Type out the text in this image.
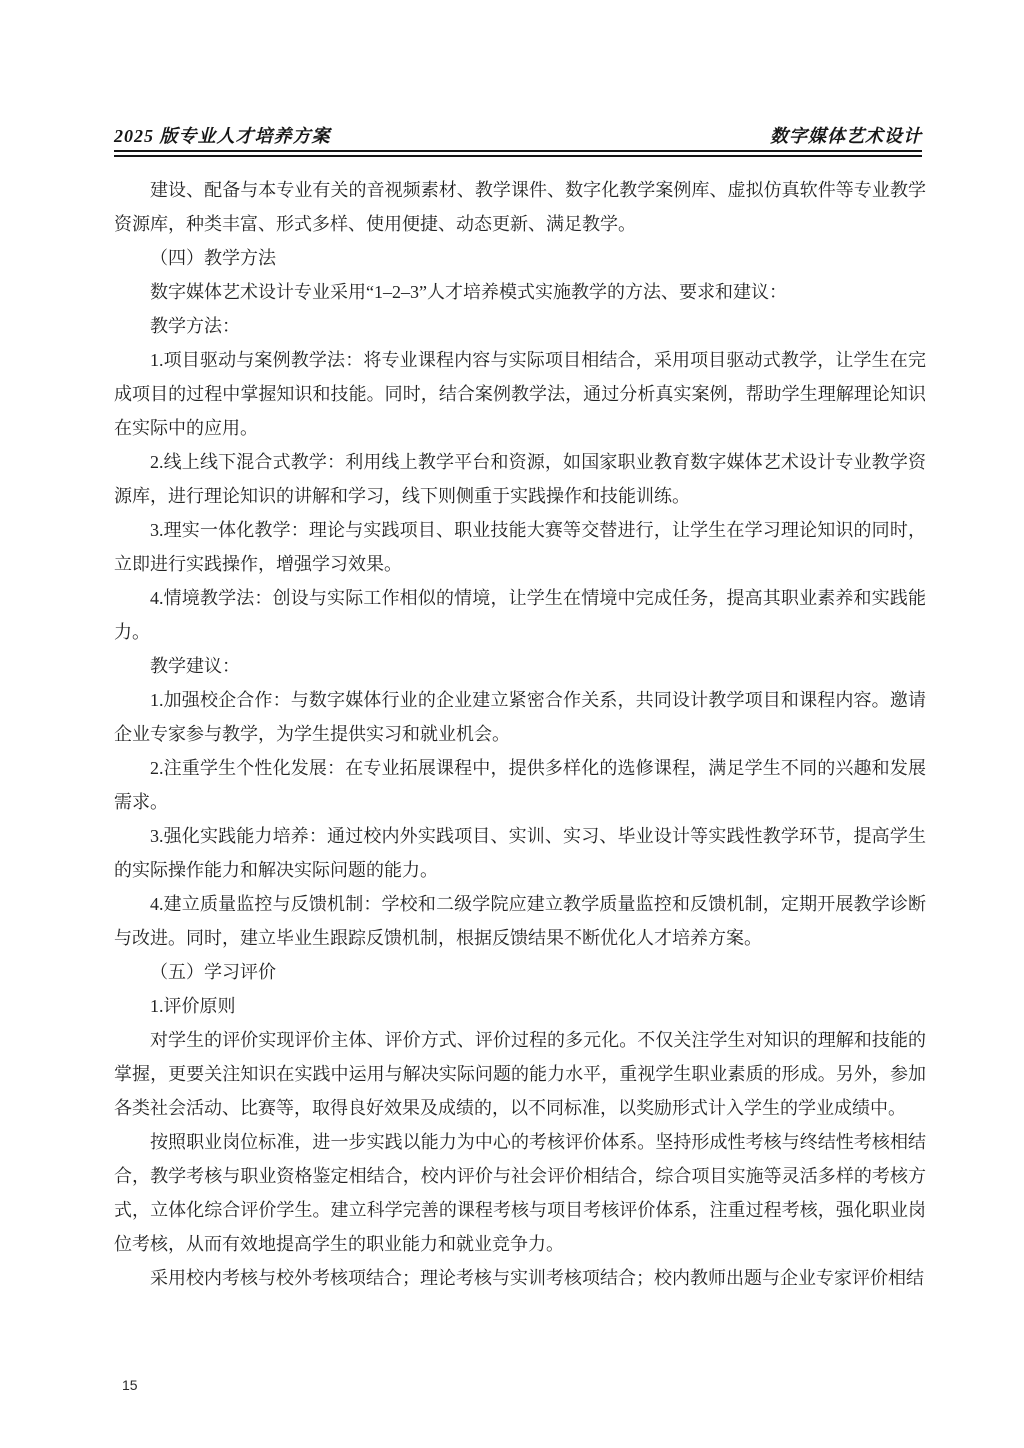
2025 版专业人才培养方案	数字媒体艺术设计

建设、配备与本专业有关的音视频素材、教学课件、数字化教学案例库、虚拟仿真软件等专业教学资源库，种类丰富、形式多样、使用便捷、动态更新、满足教学。

（四）教学方法

数字媒体艺术设计专业采用“1–2–3”人才培养模式实施教学的方法、要求和建议：

教学方法：

1.项目驱动与案例教学法：将专业课程内容与实际项目相结合，采用项目驱动式教学，让学生在完成项目的过程中掌握知识和技能。同时，结合案例教学法，通过分析真实案例，帮助学生理解理论知识在实际中的应用。

2.线上线下混合式教学：利用线上教学平台和资源，如国家职业教育数字媒体艺术设计专业教学资源库，进行理论知识的讲解和学习，线下则侧重于实践操作和技能训练。

3.理实一体化教学：理论与实践项目、职业技能大赛等交替进行，让学生在学习理论知识的同时，立即进行实践操作，增强学习效果。

4.情境教学法：创设与实际工作相似的情境，让学生在情境中完成任务，提高其职业素养和实践能力。

教学建议：

1.加强校企合作：与数字媒体行业的企业建立紧密合作关系，共同设计教学项目和课程内容。邀请企业专家参与教学，为学生提供实习和就业机会。

2.注重学生个性化发展：在专业拓展课程中，提供多样化的选修课程，满足学生不同的兴趣和发展需求。

3.强化实践能力培养：通过校内外实践项目、实训、实习、毕业设计等实践性教学环节，提高学生的实际操作能力和解决实际问题的能力。

4.建立质量监控与反馈机制：学校和二级学院应建立教学质量监控和反馈机制，定期开展教学诊断与改进。同时，建立毕业生跟踪反馈机制，根据反馈结果不断优化人才培养方案。

（五）学习评价

1.评价原则

对学生的评价实现评价主体、评价方式、评价过程的多元化。不仅关注学生对知识的理解和技能的掌握，更要关注知识在实践中运用与解决实际问题的能力水平，重视学生职业素质的形成。另外，参加各类社会活动、比赛等，取得良好效果及成绩的，以不同标准，以奖励形式计入学生的学业成绩中。

按照职业岗位标准，进一步实践以能力为中心的考核评价体系。坚持形成性考核与终结性考核相结合，教学考核与职业资格鉴定相结合，校内评价与社会评价相结合，综合项目实施等灵活多样的考核方式，立体化综合评价学生。建立科学完善的课程考核与项目考核评价体系，注重过程考核，强化职业岗位考核，从而有效地提高学生的职业能力和就业竞争力。

采用校内考核与校外考核项结合；理论考核与实训考核项结合；校内教师出题与企业专家评价相结

15
